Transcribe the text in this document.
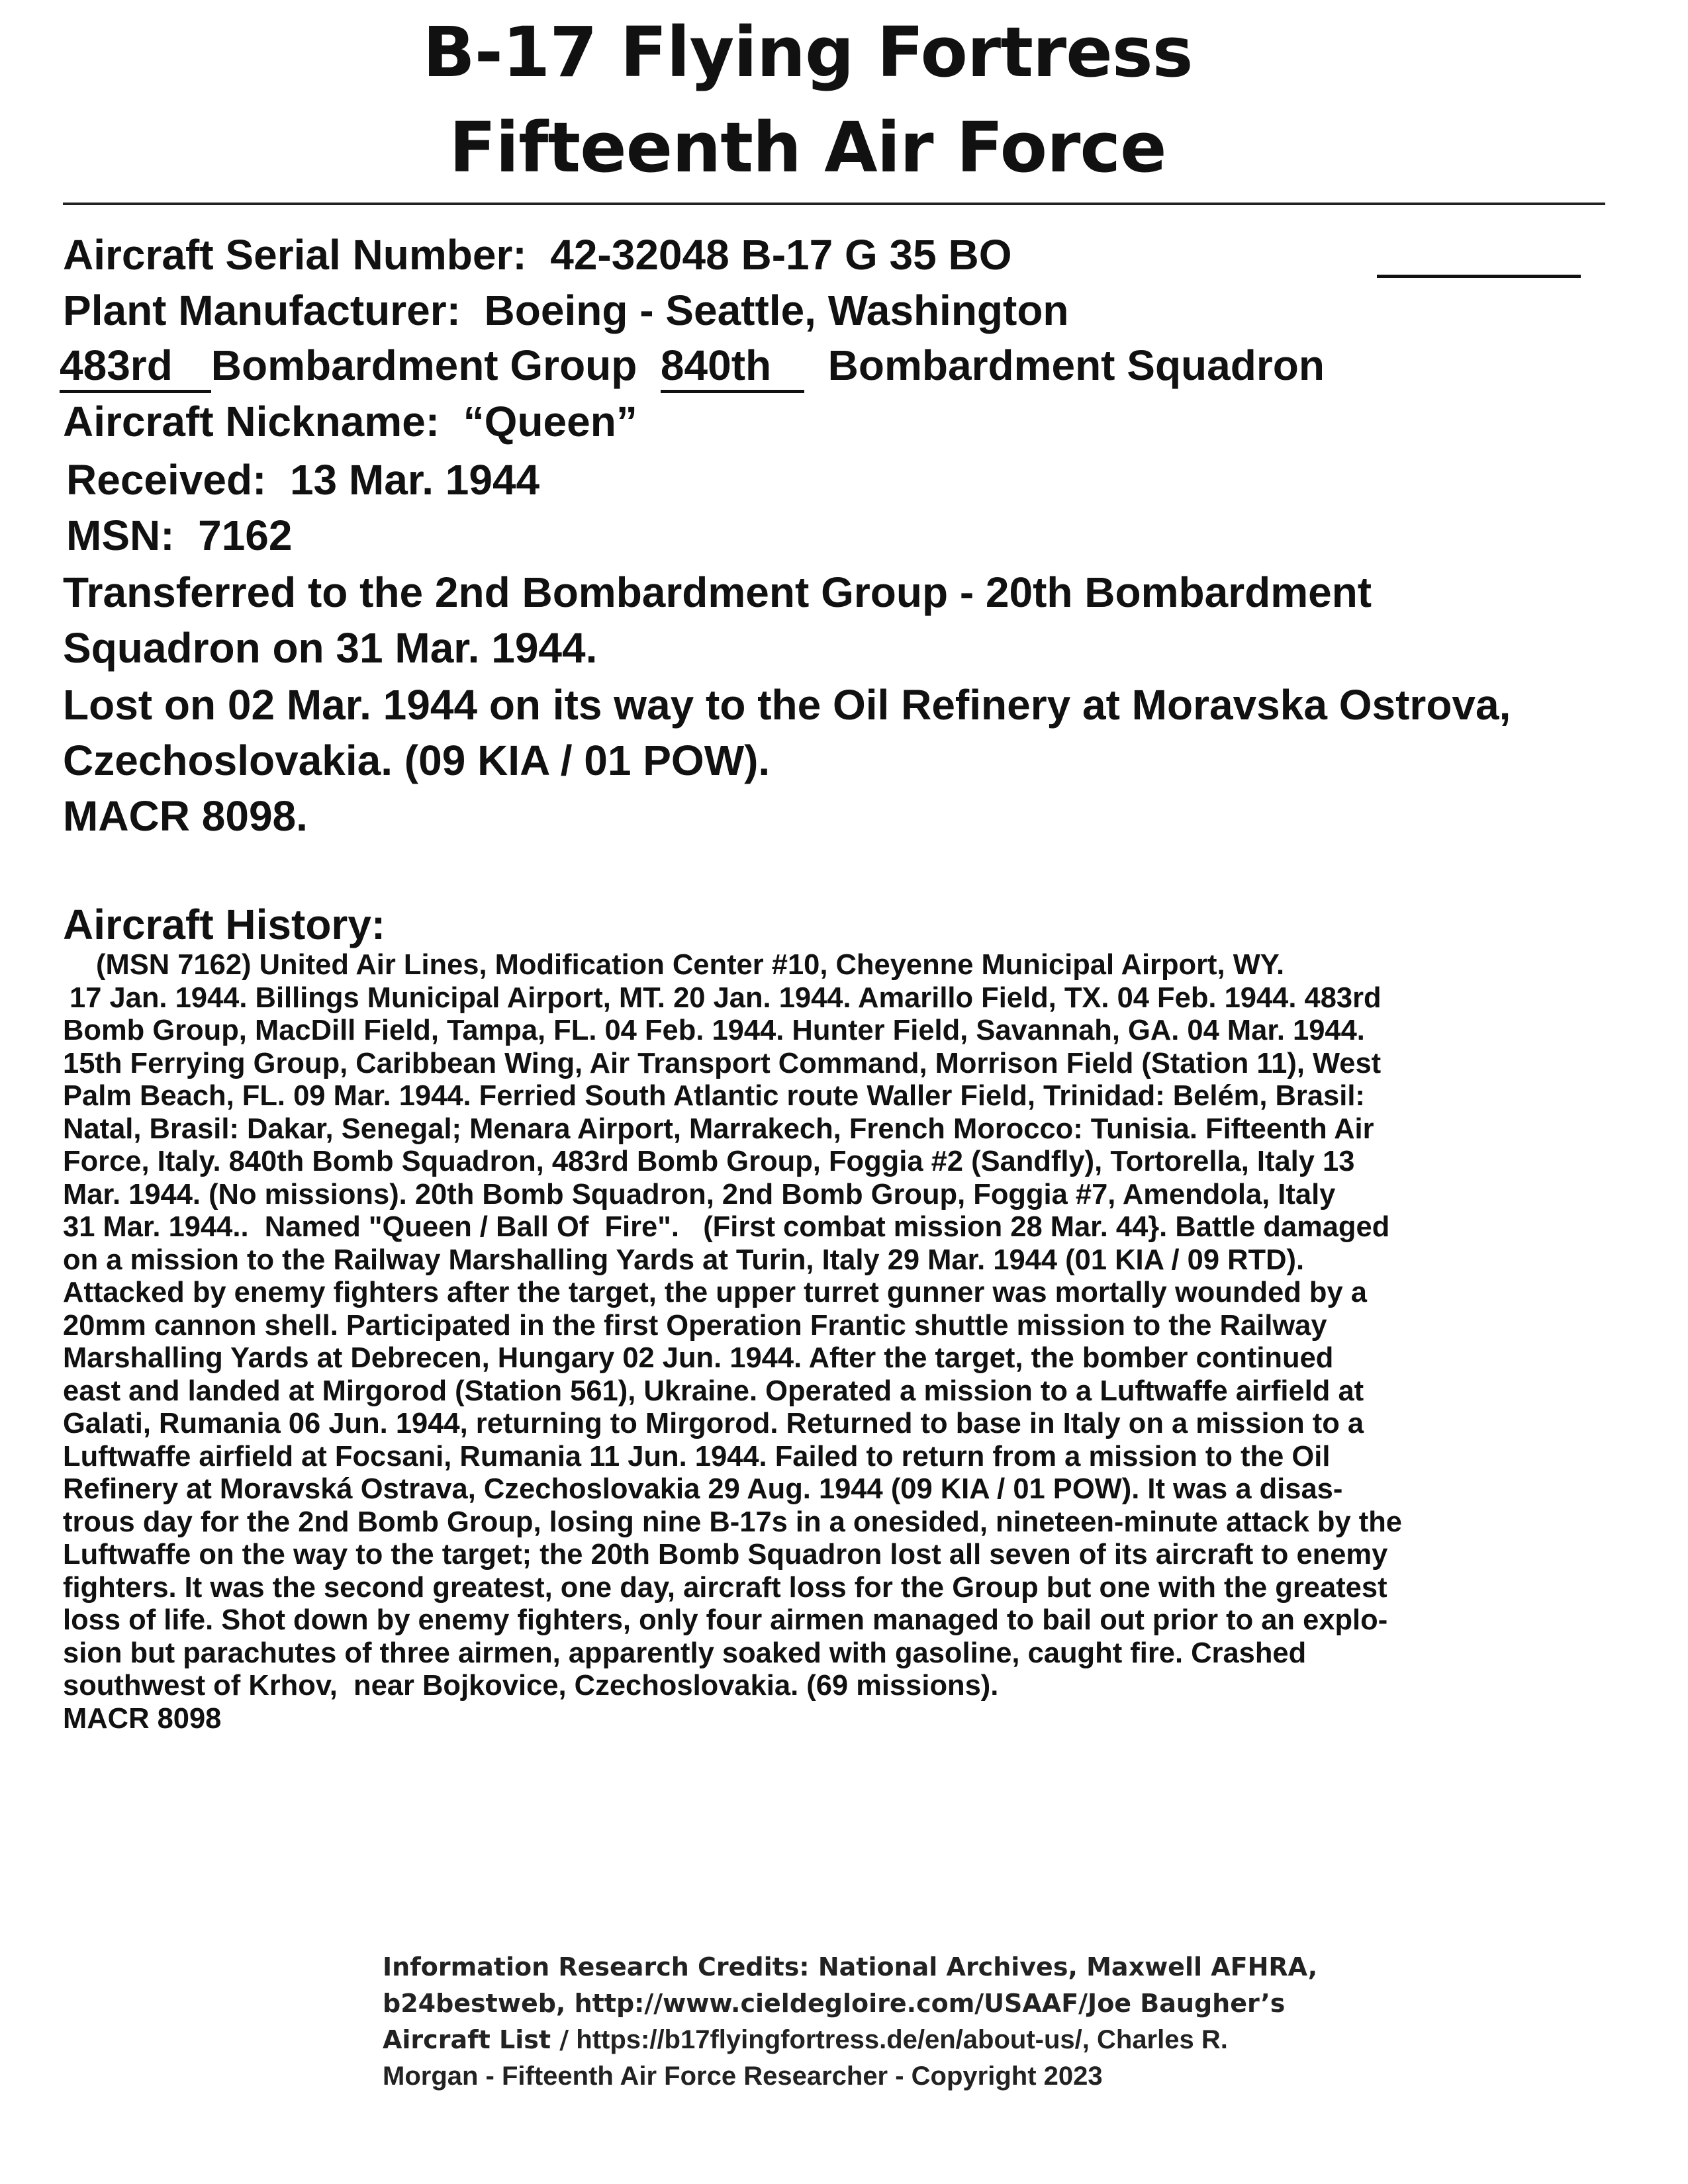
B-17 Flying Fortress
Fifteenth Air Force
Aircraft Serial Number: 42-32048 B-17 G 35 BO
Plant Manufacturer: Boeing - Seattle, Washington
483rd Bombardment Group 840th Bombardment Squadron
Aircraft Nickname: “Queen”
Received: 13 Mar. 1944
MSN: 7162
Transferred to the 2nd Bombardment Group - 20th Bombardment
Squadron on 31 Mar. 1944.
Lost on 02 Mar. 1944 on its way to the Oil Refinery at Moravska Ostrova,
Czechoslovakia. (09 KIA / 01 POW).
MACR 8098.
Aircraft History:
(MSN 7162) United Air Lines, Modification Center #10, Cheyenne Municipal Airport, WY.
17 Jan. 1944. Billings Municipal Airport, MT. 20 Jan. 1944. Amarillo Field, TX. 04 Feb. 1944. 483rd
Bomb Group, MacDill Field, Tampa, FL. 04 Feb. 1944. Hunter Field, Savannah, GA. 04 Mar. 1944.
15th Ferrying Group, Caribbean Wing, Air Transport Command, Morrison Field (Station 11), West
Palm Beach, FL. 09 Mar. 1944. Ferried South Atlantic route Waller Field, Trinidad: Belém, Brasil:
Natal, Brasil: Dakar, Senegal; Menara Airport, Marrakech, French Morocco: Tunisia. Fifteenth Air
Force, Italy. 840th Bomb Squadron, 483rd Bomb Group, Foggia #2 (Sandfly), Tortorella, Italy 13
Mar. 1944. (No missions). 20th Bomb Squadron, 2nd Bomb Group, Foggia #7, Amendola, Italy
31 Mar. 1944..  Named "Queen / Ball Of  Fire".   (First combat mission 28 Mar. 44}. Battle damaged
on a mission to the Railway Marshalling Yards at Turin, Italy 29 Mar. 1944 (01 KIA / 09 RTD).
Attacked by enemy fighters after the target, the upper turret gunner was mortally wounded by a
20mm cannon shell. Participated in the first Operation Frantic shuttle mission to the Railway
Marshalling Yards at Debrecen, Hungary 02 Jun. 1944. After the target, the bomber continued
east and landed at Mirgorod (Station 561), Ukraine. Operated a mission to a Luftwaffe airfield at
Galati, Rumania 06 Jun. 1944, returning to Mirgorod. Returned to base in Italy on a mission to a
Luftwaffe airfield at Focsani, Rumania 11 Jun. 1944. Failed to return from a mission to the Oil
Refinery at Moravská Ostrava, Czechoslovakia 29 Aug. 1944 (09 KIA / 01 POW). It was a disas-
trous day for the 2nd Bomb Group, losing nine B-17s in a onesided, nineteen-minute attack by the
Luftwaffe on the way to the target; the 20th Bomb Squadron lost all seven of its aircraft to enemy
fighters. It was the second greatest, one day, aircraft loss for the Group but one with the greatest
loss of life. Shot down by enemy fighters, only four airmen managed to bail out prior to an explo-
sion but parachutes of three airmen, apparently soaked with gasoline, caught fire. Crashed
southwest of Krhov,  near Bojkovice, Czechoslovakia. (69 missions).
MACR 8098
Information Research Credits: National Archives, Maxwell AFHRA,
b24bestweb, http://www.cieldegloire.com/USAAF/Joe Baugher’s
Aircraft List / https://b17flyingfortress.de/en/about-us/, Charles R.
Morgan - Fifteenth Air Force Researcher - Copyright 2023
